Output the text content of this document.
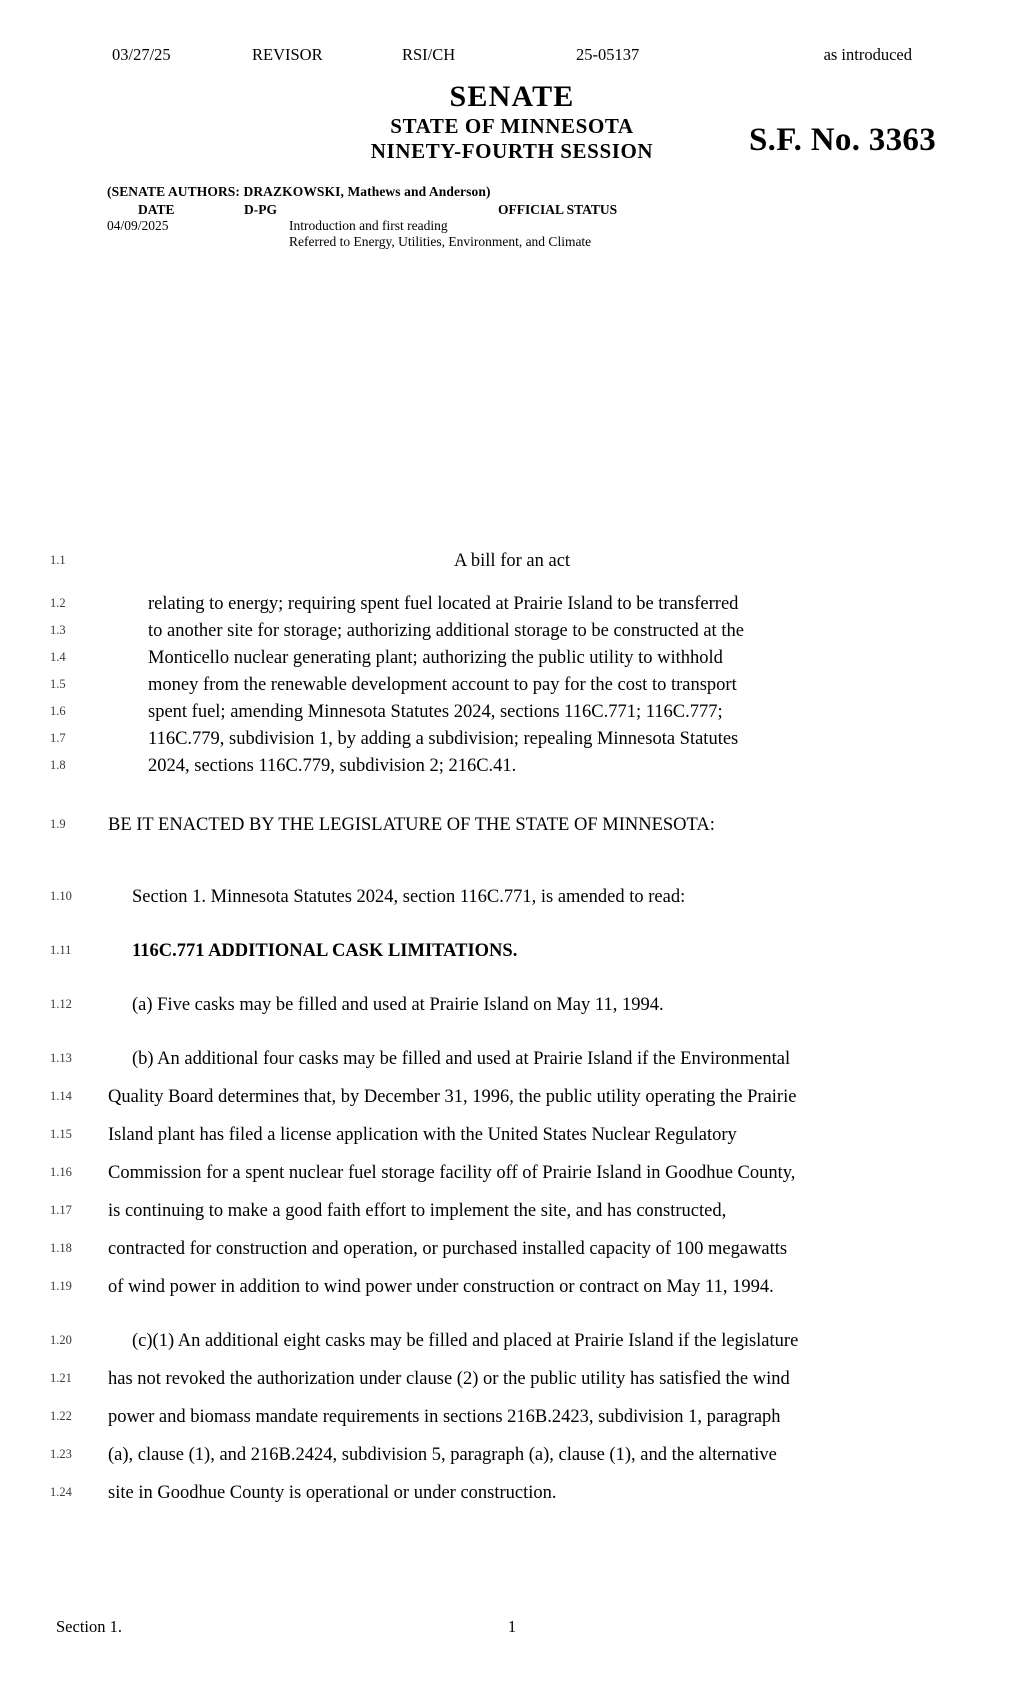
03/27/25	REVISOR	RSI/CH	25-05137	as introduced
SENATE
STATE OF MINNESOTA
NINETY-FOURTH SESSION	S.F. No. 3363
(SENATE AUTHORS: DRAZKOWSKI, Mathews and Anderson)
DATE	D-PG	OFFICIAL STATUS
04/09/2025	Introduction and first reading
Referred to Energy, Utilities, Environment, and Climate
1.1	A bill for an act
1.2	relating to energy; requiring spent fuel located at Prairie Island to be transferred
1.3	to another site for storage; authorizing additional storage to be constructed at the
1.4	Monticello nuclear generating plant; authorizing the public utility to withhold
1.5	money from the renewable development account to pay for the cost to transport
1.6	spent fuel; amending Minnesota Statutes 2024, sections 116C.771; 116C.777;
1.7	116C.779, subdivision 1, by adding a subdivision; repealing Minnesota Statutes
1.8	2024, sections 116C.779, subdivision 2; 216C.41.
1.9	BE IT ENACTED BY THE LEGISLATURE OF THE STATE OF MINNESOTA:
1.10	Section 1. Minnesota Statutes 2024, section 116C.771, is amended to read:
1.11	116C.771 ADDITIONAL CASK LIMITATIONS.
1.12	(a) Five casks may be filled and used at Prairie Island on May 11, 1994.
1.13	(b) An additional four casks may be filled and used at Prairie Island if the Environmental
1.14	Quality Board determines that, by December 31, 1996, the public utility operating the Prairie
1.15	Island plant has filed a license application with the United States Nuclear Regulatory
1.16	Commission for a spent nuclear fuel storage facility off of Prairie Island in Goodhue County,
1.17	is continuing to make a good faith effort to implement the site, and has constructed,
1.18	contracted for construction and operation, or purchased installed capacity of 100 megawatts
1.19	of wind power in addition to wind power under construction or contract on May 11, 1994.
1.20	(c)(1) An additional eight casks may be filled and placed at Prairie Island if the legislature
1.21	has not revoked the authorization under clause (2) or the public utility has satisfied the wind
1.22	power and biomass mandate requirements in sections 216B.2423, subdivision 1, paragraph
1.23	(a), clause (1), and 216B.2424, subdivision 5, paragraph (a), clause (1), and the alternative
1.24	site in Goodhue County is operational or under construction.
Section 1.	1
